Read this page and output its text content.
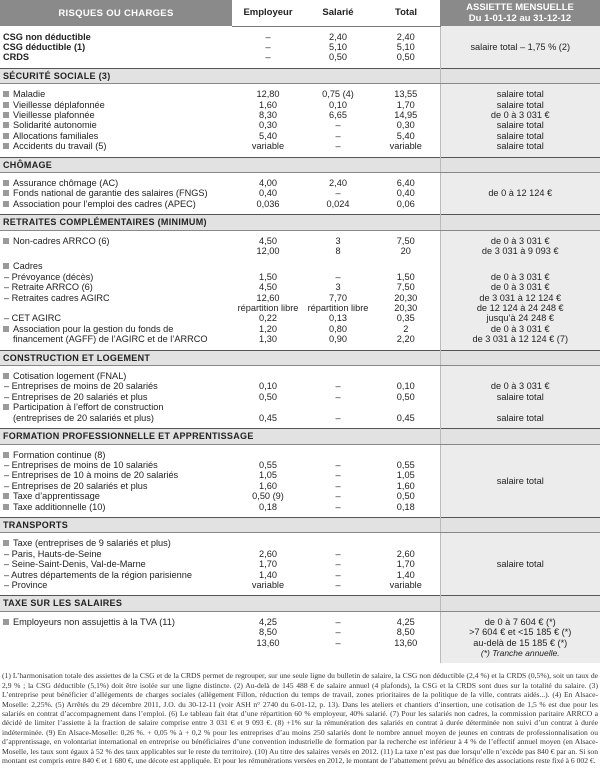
RISQUES OU CHARGES	Employeur	Salarié	Total	ASSIETTE MENSUELLE
Du 1-01-12 au 31-12-12

CSG non déductible	–	2,40	2,40	salaire total – 1,75 % (2)
CSG déductible (1)	–	5,10	5,10	
CRDS	–	0,50	0,50	

SÉCURITÉ SOCIALE (3)				

Maladie	12,80	0,75 (4)	13,55	salaire total
Vieillesse déplafonnée	1,60	0,10	1,70	salaire total
Vieillesse plafonnée	8,30	6,65	14,95	de 0 à 3 031 €
Solidarité autonomie	0,30	–	0,30	salaire total
Allocations familiales	5,40	–	5,40	salaire total
Accidents du travail (5)	variable	–	variable	salaire total

CHÔMAGE				

Assurance chômage (AC)	4,00	2,40	6,40	de 0 à 12 124 €
Fonds national de garantie des salaires (FNGS)	0,40	–	0,40	
Association pour l’emploi des cadres (APEC)	0,036	0,024	0,06	

RETRAITES COMPLÉMENTAIRES (MINIMUM)				

Non-cadres ARRCO (6)	4,50	3	7,50	de 0 à 3 031 €
	12,00	8	20	de 3 031 à 9 093 €

Cadres				
– Prévoyance (décès)	1,50	–	1,50	de 0 à 3 031 €
– Retraite ARRCO (6)	4,50	3	7,50	de 0 à 3 031 €
– Retraites cadres AGIRC	12,60	7,70	20,30	de 3 031 à 12 124 €
	répartition libre	répartition libre	20,30	de 12 124 à 24 248 €
– CET AGIRC	0,22	0,13	0,35	jusqu’à 24 248 €
Association pour la gestion du fonds de	1,20	0,80	2	de 0 à 3 031 €
financement (AGFF) de l’AGIRC et de l’ARRCO	1,30	0,90	2,20	de 3 031 à 12 124 € (7)

CONSTRUCTION ET LOGEMENT				

Cotisation logement (FNAL)				
– Entreprises de moins de 20 salariés	0,10	–	0,10	de 0 à 3 031 €
– Entreprises de 20 salariés et plus	0,50	–	0,50	salaire total
Participation à l’effort de construction				
(entreprises de 20 salariés et plus)	0,45	–	0,45	salaire total

FORMATION PROFESSIONNELLE ET APPRENTISSAGE				

Formation continue (8)				salaire total
– Entreprises de moins de 10 salariés	0,55	–	0,55	
– Entreprises de 10 à moins de 20 salariés	1,05	–	1,05	
– Entreprises de 20 salariés et plus	1,60	–	1,60	
Taxe d’apprentissage	0,50 (9)	–	0,50	
Taxe additionnelle (10)	0,18	–	0,18	

TRANSPORTS				

Taxe (entreprises de 9 salariés et plus)				salaire total
– Paris, Hauts-de-Seine	2,60	–	2,60	
– Seine-Saint-Denis, Val-de-Marne	1,70	–	1,70	
– Autres départements de la région parisienne	1,40	–	1,40	
– Province	variable	–	variable	

TAXE SUR LES SALAIRES				

Employeurs non assujettis à la TVA (11)	4,25	–	4,25	de 0 à 7 604 € (*)
	8,50	–	8,50	>7 604 € et <15 185 € (*)
	13,60	–	13,60	au-delà de 15 185 € (*)
				(*) Tranche annuelle.

(1) L’harmonisation totale des assiettes de la CSG et de la CRDS permet de regrouper, sur une seule ligne du bulletin de salaire, la CSG non déductible (2,4 %) et la CRDS (0,5%), soit un taux de 2,9 % ; la CSG déductible (5,1%) doit être isolée sur une ligne distincte. (2) Au-delà de 145 488 € de salaire annuel (4 plafonds), la CSG et la CRDS sont dues sur la totalité du salaire. (3) L’entreprise peut bénéficier d’allégements de charges sociales (allègement Fillon, réduction du temps de travail, zones prioritaires de la politique de la ville, contrats aidés...). (4) En Alsace-Moselle: 2,25%. (5) Arrêtés du 29 décembre 2011, J.O. du 30-12-11 (voir ASH n° 2740 du 6-01-12, p. 13). Dans les ateliers et chantiers d’insertion, une cotisation de 1,5 % est due pour les salariés en contrat d’accompagnement dans l’emploi. (6) Le tableau fait état d’une répartition 60 % employeur, 40% salarié. (7) Pour les salariés non cadres, la commission paritaire ARRCO a décidé de limiter l’assiette à la fraction de salaire comprise entre 3 031 € et 9 093 €. (8) +1% sur la rémunération des salariés en contrat à durée déterminée non suivi d’un contrat à durée indéterminée. (9) En Alsace-Moselle: 0,26 %. + 0,05 % à + 0,2 % pour les entreprises d’au moins 250 salariés dont le nombre annuel moyen de jeunes en contrats de professionnalisation ou d’apprentissage, en volontariat international en entreprise ou bénéficiaires d’une convention industrielle de formation par la recherche est inférieur à 4 % de l’effectif annuel moyen (en Alsace-Moselle, les taux sont égaux à 52 % des taux applicables sur le reste du territoire). (10) Au titre des salaires versés en 2012. (11) La taxe n’est pas due lorsqu’elle n’excède pas 840 € par an. Si son montant est compris entre 840 € et 1 680 €, une décote est appliquée. Et pour les rémunérations versées en 2012, le montant de l’abattement prévu au bénéfice des associations reste fixé à 6 002 €.
